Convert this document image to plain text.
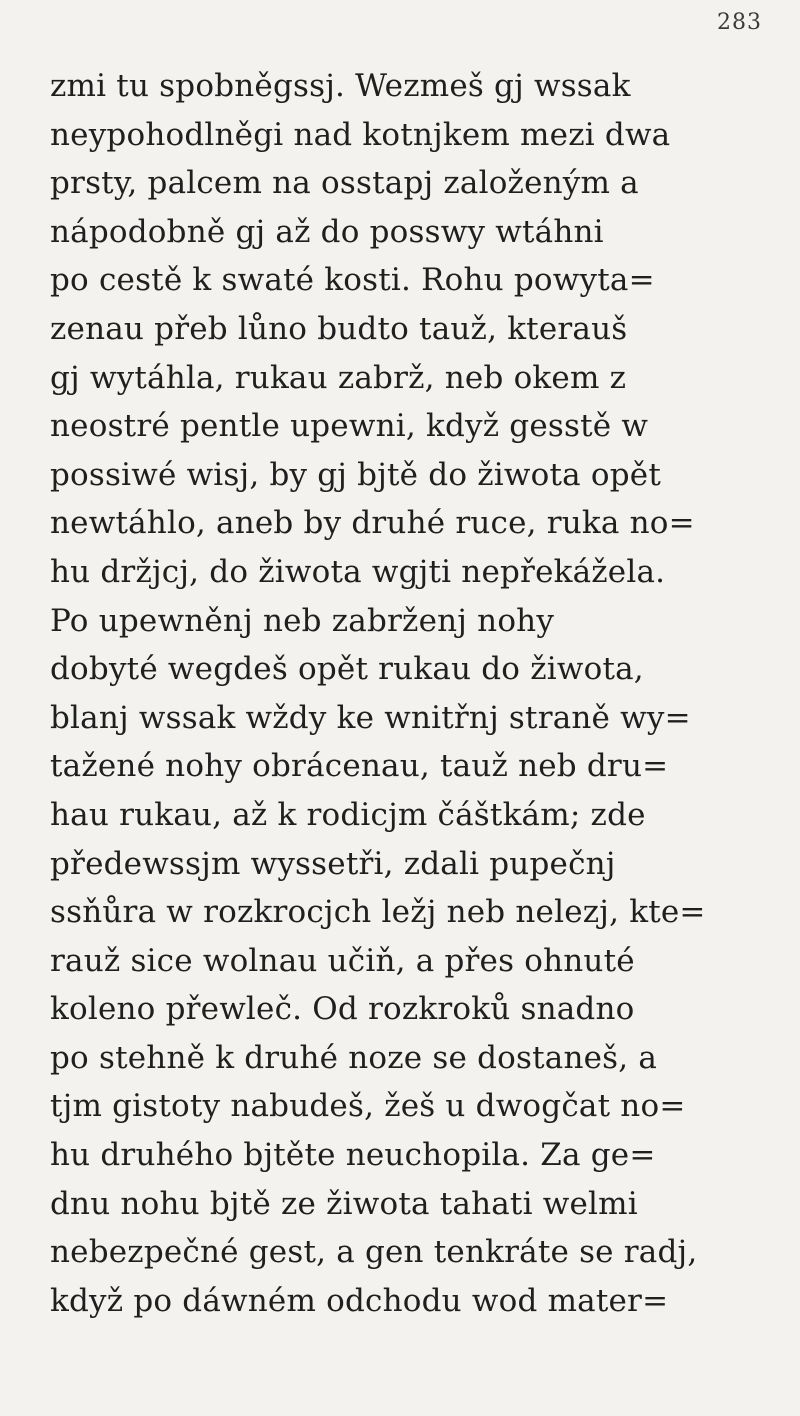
283
zmi tu spobněgssj. Wezmeš gj wssak
neypohodlněgi nad kotnjkem mezi dwa
prsty, palcem na osstapj založeným a
nápodobně gj až do posswy wtáhni
po cestě k swaté kosti. Rohu powyta=
zenau přeb lůno budto tauž, kterauš
gj wytáhla, rukau zabrž, neb okem z
neostré pentle upewni, když gesstě w
possiwé wisj, by gj bjtě do žiwota opět
newtáhlo, aneb by druhé ruce, ruka no=
hu držjcj, do žiwota wgjti nepřekážela.
Po upewněnj neb zabrženj nohy
dobyté wegdeš opět rukau do žiwota,
blanj wssak wždy ke wnitřnj straně wy=
tažené nohy obrácenau, tauž neb dru=
hau rukau, až k rodicjm čáštkám; zde
předewssjm wyssetři, zdali pupečnj
ssňůra w rozkrocjch ležj neb nelezj, kte=
rauž sice wolnau učiň, a přes ohnuté
koleno přewleč. Od rozkroků snadno
po stehně k druhé noze se dostaneš, a
tjm gistoty nabudeš, žeš u dwogčat no=
hu druhého bjtěte neuchopila. Za ge=
dnu nohu bjtě ze žiwota tahati welmi
nebezpečné gest, a gen tenkráte se radj,
když po dáwném odchodu wod mater=
